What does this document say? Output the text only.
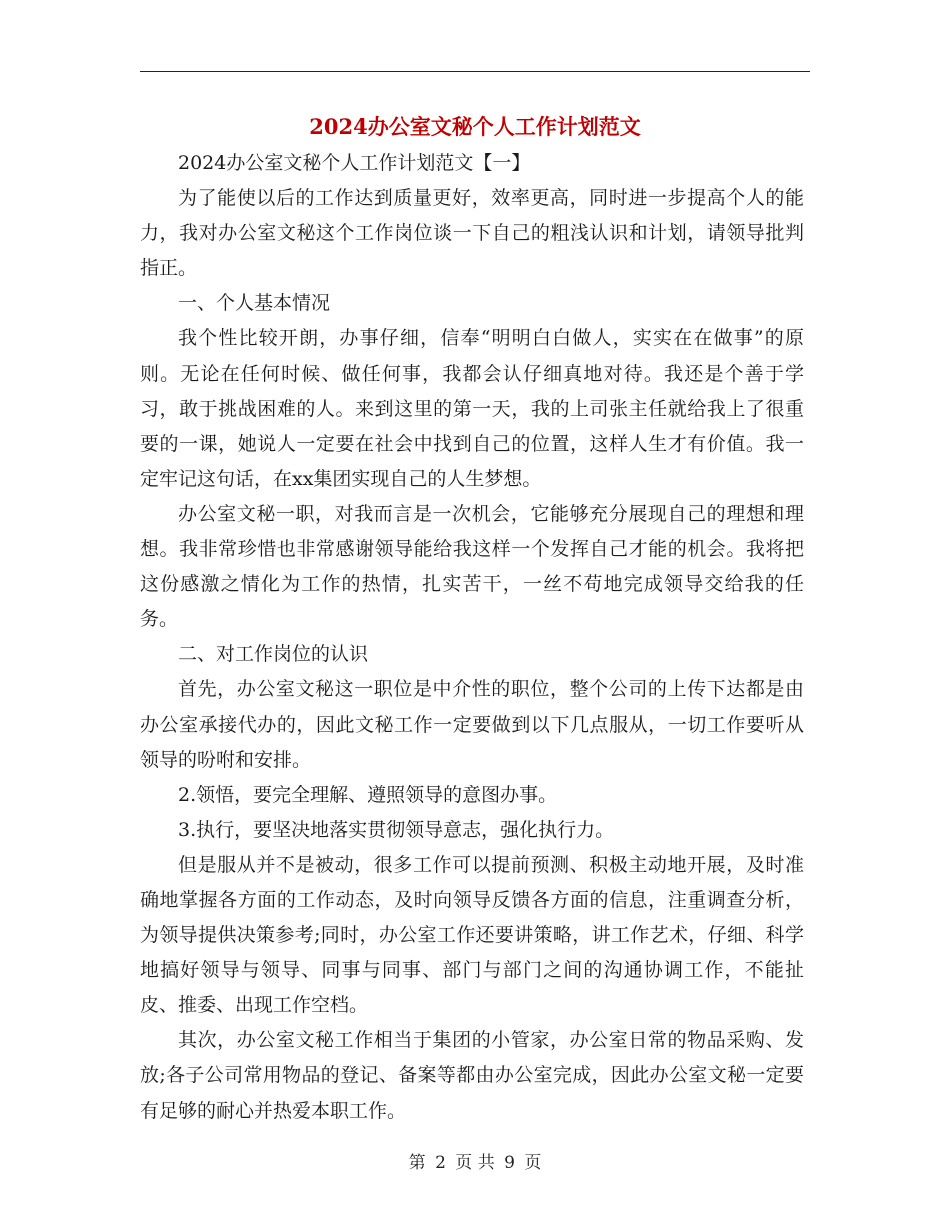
2024办公室文秘个人工作计划范文

2024办公室文秘个人工作计划范文【一】

为了能使以后的工作达到质量更好，效率更高，同时进一步提高个人的能力，我对办公室文秘这个工作岗位谈一下自己的粗浅认识和计划，请领导批判指正。

一、个人基本情况

我个性比较开朗，办事仔细，信奉“明明白白做人，实实在在做事”的原则。无论在任何时候、做任何事，我都会认仔细真地对待。我还是个善于学习，敢于挑战困难的人。来到这里的第一天，我的上司张主任就给我上了很重要的一课，她说人一定要在社会中找到自己的位置，这样人生才有价值。我一定牢记这句话，在xx集团实现自己的人生梦想。

办公室文秘一职，对我而言是一次机会，它能够充分展现自己的理想和理想。我非常珍惜也非常感谢领导能给我这样一个发挥自己才能的机会。我将把这份感激之情化为工作的热情，扎实苦干，一丝不苟地完成领导交给我的任务。

二、对工作岗位的认识

首先，办公室文秘这一职位是中介性的职位，整个公司的上传下达都是由办公室承接代办的，因此文秘工作一定要做到以下几点服从，一切工作要听从领导的吩咐和安排。

2.领悟，要完全理解、遵照领导的意图办事。

3.执行，要坚决地落实贯彻领导意志，强化执行力。

但是服从并不是被动，很多工作可以提前预测、积极主动地开展，及时准确地掌握各方面的工作动态，及时向领导反馈各方面的信息，注重调查分析，为领导提供决策参考;同时，办公室工作还要讲策略，讲工作艺术，仔细、科学地搞好领导与领导、同事与同事、部门与部门之间的沟通协调工作，不能扯皮、推委、出现工作空档。

其次，办公室文秘工作相当于集团的小管家，办公室日常的物品采购、发放;各子公司常用物品的登记、备案等都由办公室完成，因此办公室文秘一定要有足够的耐心并热爱本职工作。

第 2 页 共 9 页
